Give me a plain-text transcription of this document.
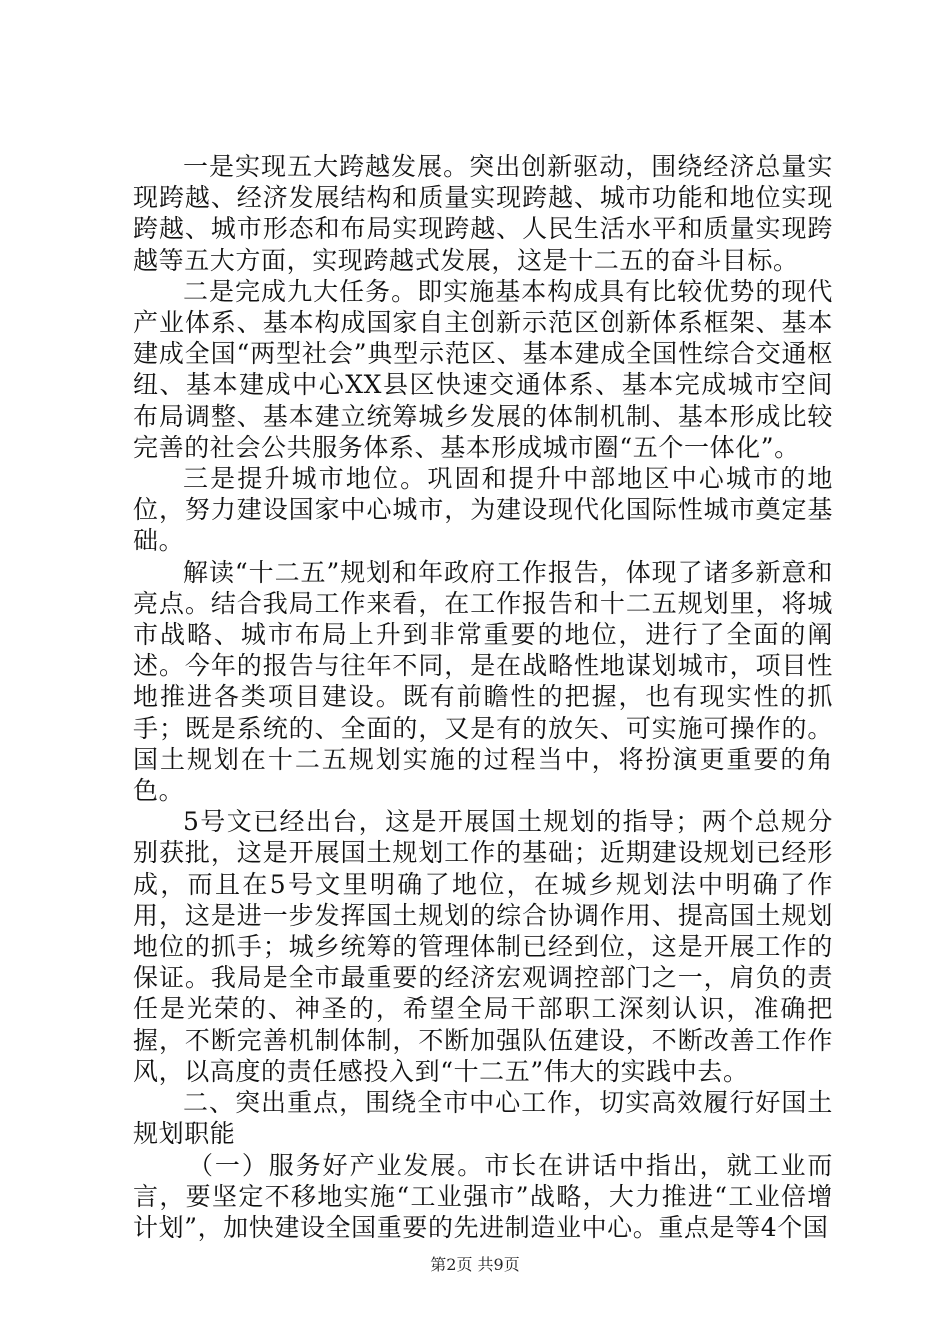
一是实现五大跨越发展。突出创新驱动，围绕经济总量实现跨越、经济发展结构和质量实现跨越、城市功能和地位实现跨越、城市形态和布局实现跨越、人民生活水平和质量实现跨越等五大方面，实现跨越式发展，这是十二五的奋斗目标。

二是完成九大任务。即实施基本构成具有比较优势的现代产业体系、基本构成国家自主创新示范区创新体系框架、基本建成全国“两型社会”典型示范区、基本建成全国性综合交通枢纽、基本建成中心XX县区快速交通体系、基本完成城市空间布局调整、基本建立统筹城乡发展的体制机制、基本形成比较完善的社会公共服务体系、基本形成城市圈“五个一体化”。

三是提升城市地位。巩固和提升中部地区中心城市的地位，努力建设国家中心城市，为建设现代化国际性城市奠定基础。

解读“十二五”规划和年政府工作报告，体现了诸多新意和亮点。结合我局工作来看，在工作报告和十二五规划里，将城市战略、城市布局上升到非常重要的地位，进行了全面的阐述。今年的报告与往年不同，是在战略性地谋划城市，项目性地推进各类项目建设。既有前瞻性的把握，也有现实性的抓手；既是系统的、全面的，又是有的放矢、可实施可操作的。国土规划在十二五规划实施的过程当中，将扮演更重要的角色。

5号文已经出台，这是开展国土规划的指导；两个总规分别获批，这是开展国土规划工作的基础；近期建设规划已经形成，而且在5号文里明确了地位，在城乡规划法中明确了作用，这是进一步发挥国土规划的综合协调作用、提高国土规划地位的抓手；城乡统筹的管理体制已经到位，这是开展工作的保证。我局是全市最重要的经济宏观调控部门之一，肩负的责任是光荣的、神圣的，希望全局干部职工深刻认识，准确把握，不断完善机制体制，不断加强队伍建设，不断改善工作作风，以高度的责任感投入到“十二五”伟大的实践中去。

二、突出重点，围绕全市中心工作，切实高效履行好国土规划职能

（一）服务好产业发展。市长在讲话中指出，就工业而言，要坚定不移地实施“工业强市”战略，大力推进“工业倍增计划”，加快建设全国重要的先进制造业中心。重点是等4个国

第2页 共9页
